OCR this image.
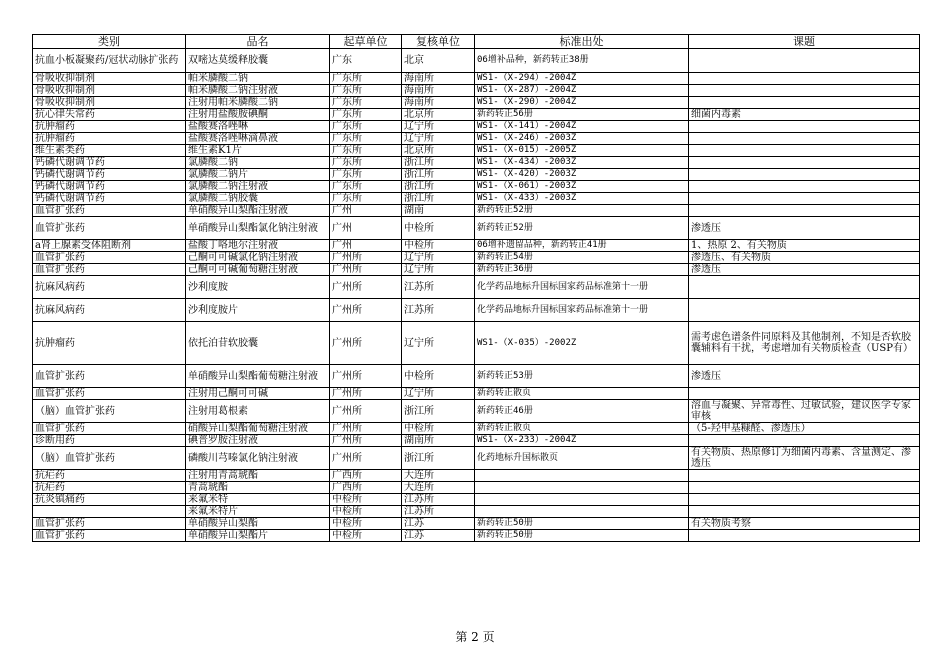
类别	品名	起草单位	复核单位	标准出处	课题
抗血小板凝聚药/冠状动脉扩张药	双嘧达莫缓释胶囊	广东	北京	06增补品种，新药转正38册	
骨吸收抑制剂	帕米膦酸二钠	广东所	海南所	WS1-（X-294）-2004Z	
骨吸收抑制剂	帕米膦酸二钠注射液	广东所	海南所	WS1-（X-287）-2004Z	
骨吸收抑制剂	注射用帕米膦酸二钠	广东所	海南所	WS1-（X-290）-2004Z	
抗心律失常药	注射用盐酸胺碘酮	广东所	北京所	新药转正56册	细菌内毒素
抗肿瘤药	盐酸赛洛唑啉	广东所	辽宁所	WS1-（X-141）-2004Z	
抗肿瘤药	盐酸赛洛唑啉滴鼻液	广东所	辽宁所	WS1-（X-246）-2003Z	
维生素类药	维生素K1片	广东所	北京所	WS1-（X-015）-2005Z	
钙磷代谢调节药	氯膦酸二钠	广东所	浙江所	WS1-（X-434）-2003Z	
钙磷代谢调节药	氯膦酸二钠片	广东所	浙江所	WS1-（X-420）-2003Z	
钙磷代谢调节药	氯膦酸二钠注射液	广东所	浙江所	WS1-（X-061）-2003Z	
钙磷代谢调节药	氯膦酸二钠胶囊	广东所	浙江所	WS1-（X-433）-2003Z	
血管扩张药	单硝酸异山梨酯注射液	广州	湖南	新药转正52册	
血管扩张药	单硝酸异山梨酯氯化钠注射液	广州	中检所	新药转正52册	渗透压
a肾上腺素受体阻断剂	盐酸丁咯地尔注射液	广州	中检所	06增补遗留品种，新药转正41册	1、热原 2、有关物质
血管扩张药	己酮可可碱氯化钠注射液	广州所	辽宁所	新药转正54册	渗透压、有关物质
血管扩张药	己酮可可碱葡萄糖注射液	广州所	辽宁所	新药转正36册	渗透压
抗麻风病药	沙利度胺	广州所	江苏所	化学药品地标升国标国家药品标准第十一册	
抗麻风病药	沙利度胺片	广州所	江苏所	化学药品地标升国标国家药品标准第十一册	
抗肿瘤药	依托泊苷软胶囊	广州所	辽宁所	WS1-（X-035）-2002Z	需考虑色谱条件同原料及其他制剂，不知是否软胶囊辅料有干扰，考虑增加有关物质检查（USP有）
血管扩张药	单硝酸异山梨酯葡萄糖注射液	广州所	中检所	新药转正53册	渗透压
血管扩张药	注射用己酮可可碱	广州所	辽宁所	新药转正散页	
（脑）血管扩张药	注射用葛根素	广州所	浙江所	新药转正46册	溶血与凝聚、异常毒性、过敏试验，建议医学专家审核
血管扩张药	硝酸异山梨酯葡萄糖注射液	广州所	中检所	新药转正散页	（5-羟甲基糠醛、渗透压）
诊断用药	碘普罗胺注射液	广州所	湖南所	WS1-（X-233）-2004Z	
（脑）血管扩张药	磷酸川芎嗪氯化钠注射液	广州所	浙江所	化药地标升国标散页	有关物质、热原修订为细菌内毒素、含量测定、渗透压
抗疟药	注射用青蒿琥酯	广西所	大连所		
抗疟药	青蒿琥酯	广西所	大连所		
抗炎镇痛药	来氟米特	中检所	江苏所		
	来氟米特片	中检所	江苏所		
血管扩张药	单硝酸异山梨酯	中检所	江苏	新药转正50册	有关物质考察
血管扩张药	单硝酸异山梨酯片	中检所	江苏	新药转正50册	
第 2 页
